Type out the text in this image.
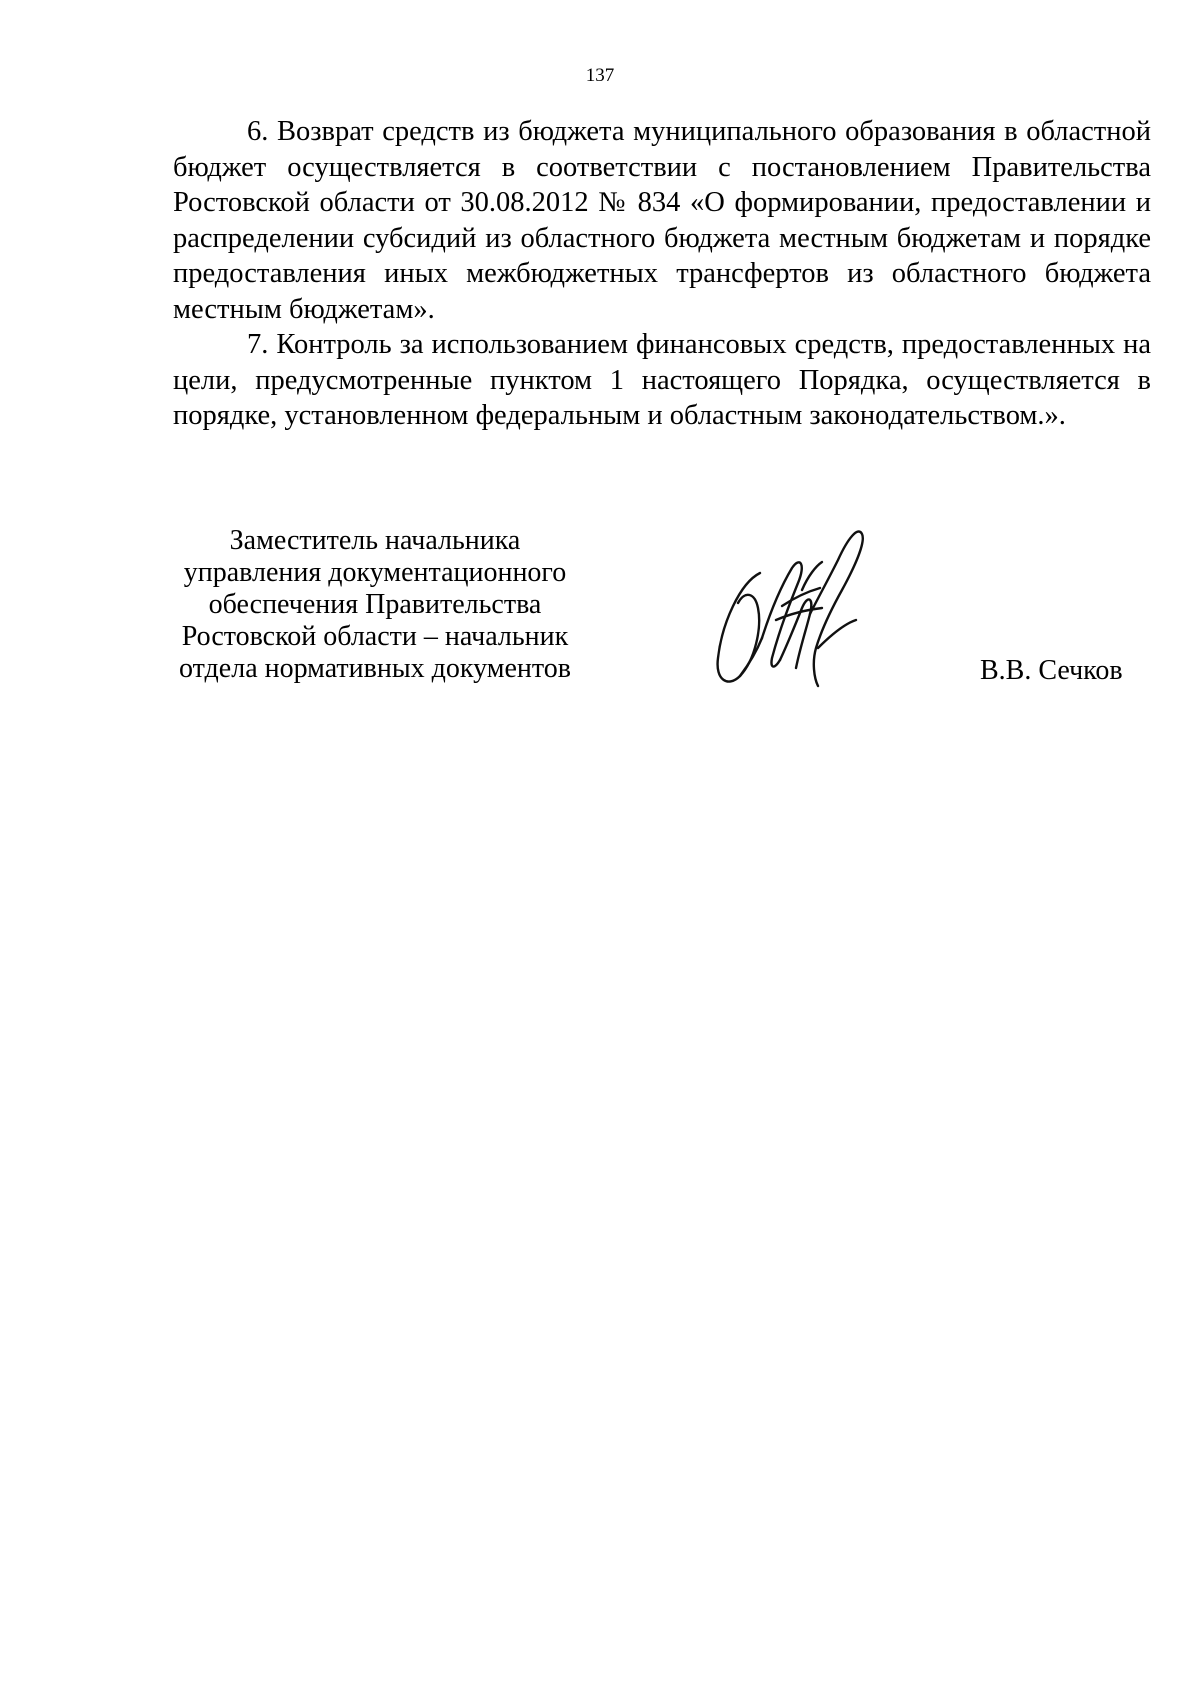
137

6. Возврат средств из бюджета муниципального образования в областной бюджет осуществляется в соответствии с постановлением Правительства Ростовской области от 30.08.2012 № 834 «О формировании, предоставлении и распределении субсидий из областного бюджета местным бюджетам и порядке предоставления иных межбюджетных трансфертов из областного бюджета местным бюджетам».

7. Контроль за использованием финансовых средств, предоставленных на цели, предусмотренные пунктом 1 настоящего Порядка, осуществляется в порядке, установленном федеральным и областным законодательством.».

Заместитель начальника
управления документационного
обеспечения Правительства
Ростовской области – начальник
отдела нормативных документов	В.В. Сечков
